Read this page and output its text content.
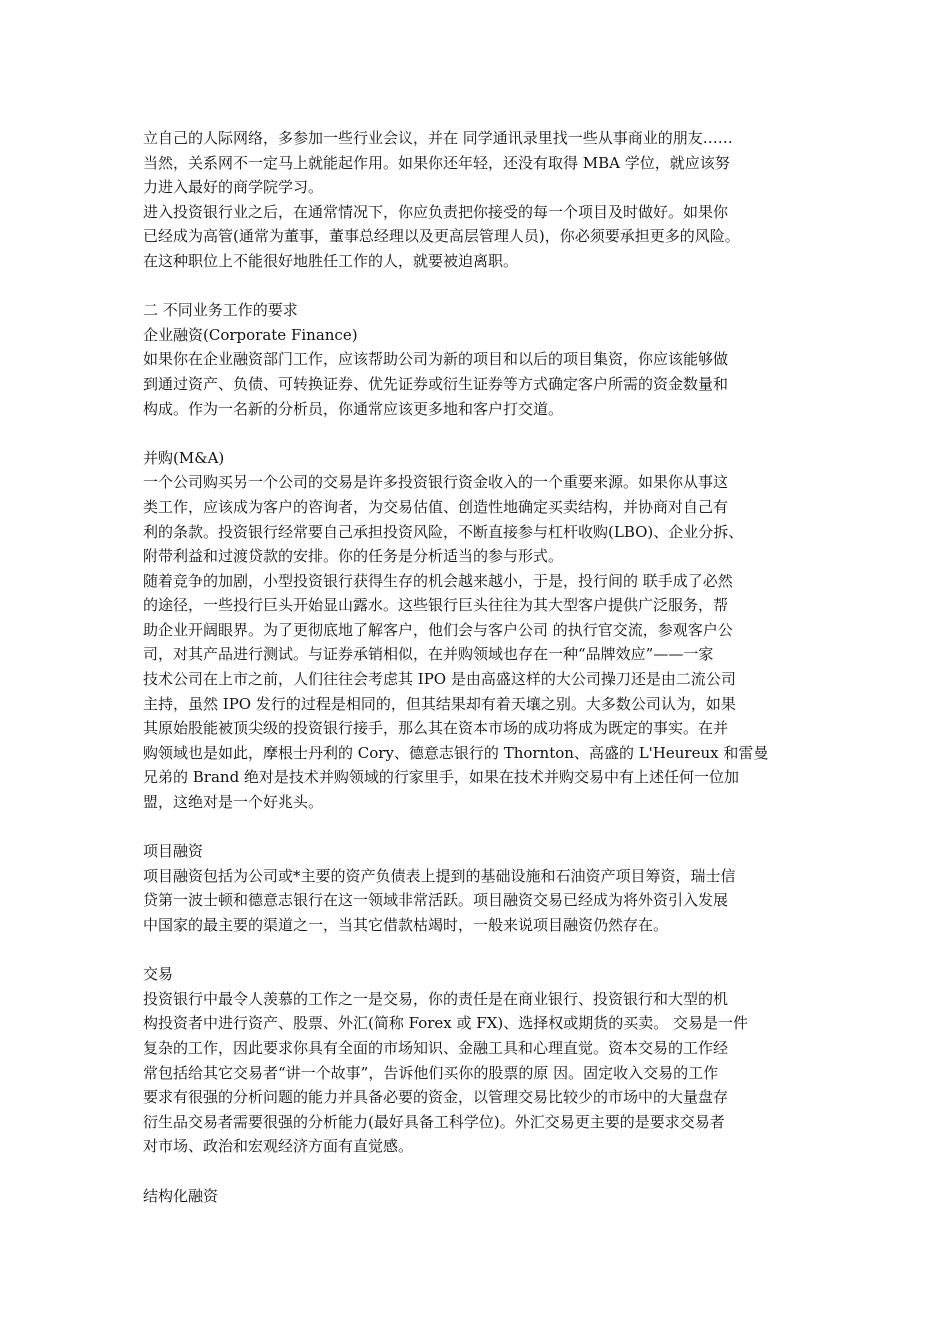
立自己的人际网络，多参加一些行业会议，并在 同学通讯录里找一些从事商业的朋友……
当然，关系网不一定马上就能起作用。如果你还年轻，还没有取得 MBA 学位，就应该努
力进入最好的商学院学习。
进入投资银行业之后，在通常情况下，你应负责把你接受的每一个项目及时做好。如果你
已经成为高管(通常为董事，董事总经理以及更高层管理人员)，你必须要承担更多的风险。
在这种职位上不能很好地胜任工作的人，就要被迫离职。
二 不同业务工作的要求
企业融资(Corporate Finance)
如果你在企业融资部门工作，应该帮助公司为新的项目和以后的项目集资，你应该能够做
到通过资产、负债、可转换证券、优先证券或衍生证券等方式确定客户所需的资金数量和
构成。作为一名新的分析员，你通常应该更多地和客户打交道。
并购(M&A)
一个公司购买另一个公司的交易是许多投资银行资金收入的一个重要来源。如果你从事这
类工作，应该成为客户的咨询者，为交易估值、创造性地确定买卖结构，并协商对自己有
利的条款。投资银行经常要自己承担投资风险，不断直接参与杠杆收购(LBO)、企业分拆、
附带利益和过渡贷款的安排。你的任务是分析适当的参与形式。
随着竞争的加剧，小型投资银行获得生存的机会越来越小，于是，投行间的 联手成了必然
的途径，一些投行巨头开始显山露水。这些银行巨头往往为其大型客户提供广泛服务，帮
助企业开阔眼界。为了更彻底地了解客户，他们会与客户公司 的执行官交流，参观客户公
司，对其产品进行测试。与证券承销相似，在并购领域也存在一种“品牌效应”——一家
技术公司在上市之前，人们往往会考虑其 IPO 是由高盛这样的大公司操刀还是由二流公司
主持，虽然 IPO 发行的过程是相同的，但其结果却有着天壤之别。大多数公司认为，如果
其原始股能被顶尖级的投资银行接手，那么其在资本市场的成功将成为既定的事实。在并
购领域也是如此，摩根士丹利的 Cory、德意志银行的 Thornton、高盛的 L'Heureux 和雷曼
兄弟的 Brand 绝对是技术并购领域的行家里手，如果在技术并购交易中有上述任何一位加
盟，这绝对是一个好兆头。
项目融资
项目融资包括为公司或*主要的资产负债表上提到的基础设施和石油资产项目筹资，瑞士信
贷第一波士顿和德意志银行在这一领域非常活跃。项目融资交易已经成为将外资引入发展
中国家的最主要的渠道之一，当其它借款枯竭时，一般来说项目融资仍然存在。
交易
投资银行中最令人羡慕的工作之一是交易，你的责任是在商业银行、投资银行和大型的机
构投资者中进行资产、股票、外汇(简称 Forex 或 FX)、选择权或期货的买卖。 交易是一件
复杂的工作，因此要求你具有全面的市场知识、金融工具和心理直觉。资本交易的工作经
常包括给其它交易者“讲一个故事”，告诉他们买你的股票的原 因。固定收入交易的工作
要求有很强的分析问题的能力并具备必要的资金，以管理交易比较少的市场中的大量盘存
衍生品交易者需要很强的分析能力(最好具备工科学位)。外汇交易更主要的是要求交易者
对市场、政治和宏观经济方面有直觉感。
结构化融资
